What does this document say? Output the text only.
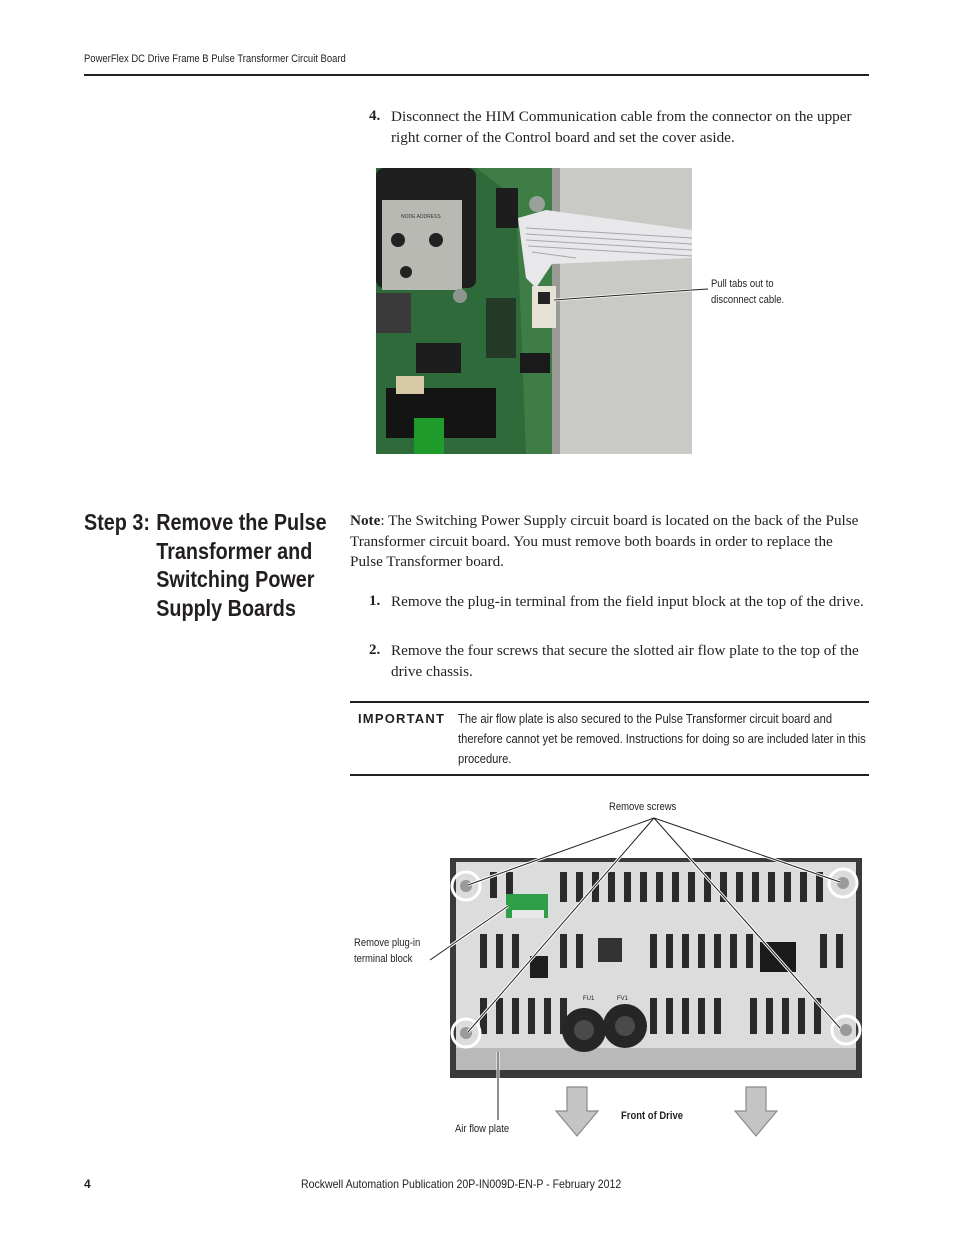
PowerFlex DC Drive Frame B Pulse Transformer Circuit Board
4. Disconnect the HIM Communication cable from the connector on the upper right corner of the Control board and set the cover aside.
NODE ADDRESS
Pull tabs out to
disconnect cable.
Step 3: Remove the Pulse Transformer and Switching Power Supply Boards
Note: The Switching Power Supply circuit board is located on the back of the Pulse Transformer circuit board. You must remove both boards in order to replace the Pulse Transformer board.
1. Remove the plug-in terminal from the field input block at the top of the drive.
2. Remove the four screws that secure the slotted air flow plate to the top of the drive chassis.
IMPORTANT The air flow plate is also secured to the Pulse Transformer circuit board and therefore cannot yet be removed. Instructions for doing so are included later in this procedure.
FU1	FV1
Remove screws
Remove plug-in
terminal block
Air flow plate
Front of Drive
4	Rockwell Automation Publication 20P-IN009D-EN-P - February 2012
